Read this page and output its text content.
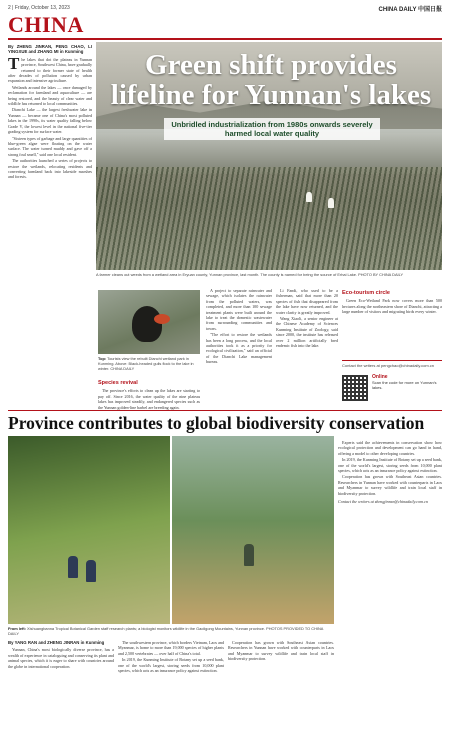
2 | Friday, October 13, 2023	CHINA DAILY 中国日报
CHINA
By ZHENG JINRAN, PENG CHAO, LI YINGXUE and ZHANG MI in Kunming
T he lakes that dot the plateau in Yunnan province, Southwest China, have gradually returned to their former state of health after decades of pollution caused by urban expansion and intensive agriculture.

Wetlands around the lakes — once damaged by reclamation for farmland and aquaculture — are being restored, and the beauty of clear water and wildlife has returned to local communities.

Dianchi Lake — the largest freshwater lake in Yunnan — became one of China's most polluted lakes in the 1990s, its water quality falling below Grade V, the lowest level in the national five-tier grading system for surface water.

"Sixteen types of garbage and large quantities of blue-green algae were floating on the water surface. The water turned muddy and gave off a strong foul smell," said one local resident.

The authorities launched a series of projects to restore the wetlands, relocating residents and converting farmland back into lakeside marshes and forests.

Green shift provides lifeline for Yunnan's lakes
Unbridled industrialization from 1980s onwards severely harmed local water quality
A farmer cleans out weeds from a wetland area in Eryuan county, Yunnan province, last month. The county is named for being the source of Erhai Lake. PHOTO BY CHINA DAILY
Top: Tourists view the rebuilt Dianchi wetland park in Kunming. Above: Black-headed gulls flock to the lake in winter. CHINA DAILY

A project to separate rainwater and sewage, which isolates the rainwater from the polluted waters, was completed, and more than 100 sewage treatment plants were built around the lake to treat the domestic wastewater from surrounding communities and towns.

"The effort to restore the wetlands has been a long process, and the local authorities took it as a priority for ecological civilization," said an official of the Dianchi Lake management bureau.

Li Fandi, who used to be a fisherman, said that more than 20 species of fish that disappeared from the lake have now returned, and the water clarity is greatly improved.

Wang Xiaoli, a senior engineer at the Chinese Academy of Sciences Kunming Institute of Zoology, said since 2000, the institute has released over 2 million artificially bred endemic fish into the lake.

Eco-tourism circle

Green Eco-Wetland Park now covers more than 500 hectares along the northeastern shore of Dianchi, attracting a large number of visitors and migrating birds every winter.

Contact the writers at pengchao@chinadaily.com.cn
Online
Scan the code for more on Yunnan's lakes.
Species revival

The province's efforts to clean up the lakes are starting to pay off. Since 2016, the water quality of the nine plateau lakes has improved steadily, and endangered species such as the Yunnan golden-line barbel are breeding again.

Province contributes to global biodiversity conservation
From left: Xishuangbanna Tropical Botanical Garden staff research plants; a biologist monitors wildlife in the Gaoligong Mountains, Yunnan province. PHOTOS PROVIDED TO CHINA DAILY
By YANG RAN and ZHENG JINRAN in Kunming

Yunnan, China's most biologically diverse province, has a wealth of experience in cataloguing and conserving its plant and animal species, which it is eager to share with countries around the globe in international cooperation.

The southwestern province, which borders Vietnam, Laos and Myanmar, is home to more than 19,000 species of higher plants and 2,500 vertebrates — over half of China's total.

In 2019, the Kunming Institute of Botany set up a seed bank, one of the world's largest, storing seeds from 10,000 plant species, which acts as an insurance policy against extinction.

Cooperation has grown with Southeast Asian countries. Researchers in Yunnan have worked with counterparts in Laos and Myanmar to survey wildlife and train local staff in biodiversity protection.

Experts said the achievements in conservation show how ecological protection and development can go hand in hand, offering a model to other developing countries.

In 2019, the Kunming Institute of Botany set up a seed bank, one of the world's largest, storing seeds from 10,000 plant species, which acts as an insurance policy against extinction.

Cooperation has grown with Southeast Asian countries. Researchers in Yunnan have worked with counterparts in Laos and Myanmar to survey wildlife and train local staff in biodiversity protection.

Contact the writers at zhengjinran@chinadaily.com.cn
